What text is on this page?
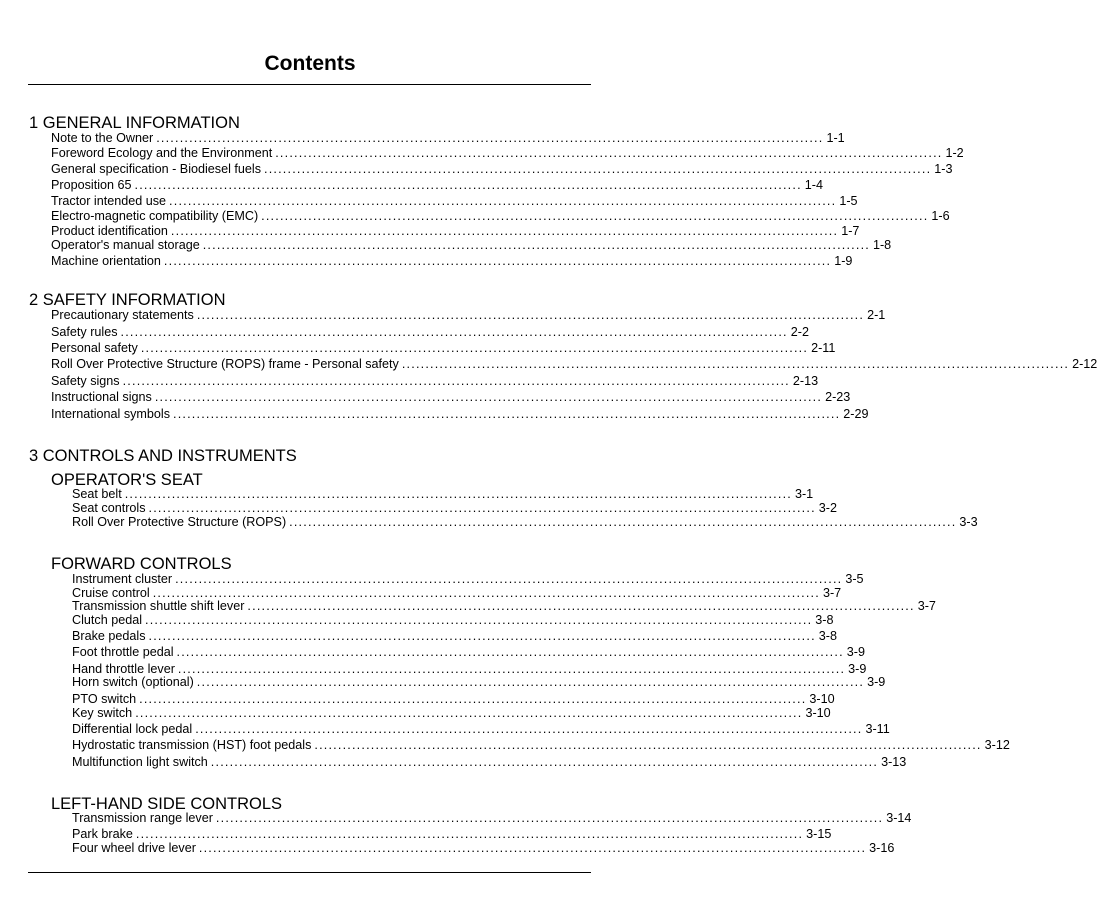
Contents
1 GENERAL INFORMATION
Note to the Owner .............................................................................................................................................. 1-1
Foreword Ecology and the Environment .............................................................................................................................................. 1-2
General specification - Biodiesel fuels .............................................................................................................................................. 1-3
Proposition 65 .............................................................................................................................................. 1-4
Tractor intended use .............................................................................................................................................. 1-5
Electro-magnetic compatibility (EMC) .............................................................................................................................................. 1-6
Product identification .............................................................................................................................................. 1-7
Operator's manual storage .............................................................................................................................................. 1-8
Machine orientation .............................................................................................................................................. 1-9
2 SAFETY INFORMATION
Precautionary statements .............................................................................................................................................. 2-1
Safety rules .............................................................................................................................................. 2-2
Personal safety .............................................................................................................................................. 2-11
Roll Over Protective Structure (ROPS) frame - Personal safety .............................................................................................................................................. 2-12
Safety signs .............................................................................................................................................. 2-13
Instructional signs .............................................................................................................................................. 2-23
International symbols .............................................................................................................................................. 2-29
3 CONTROLS AND INSTRUMENTS
OPERATOR'S SEAT
Seat belt .............................................................................................................................................. 3-1
Seat controls .............................................................................................................................................. 3-2
Roll Over Protective Structure (ROPS) .............................................................................................................................................. 3-3
FORWARD CONTROLS
Instrument cluster .............................................................................................................................................. 3-5
Cruise control .............................................................................................................................................. 3-7
Transmission shuttle shift lever .............................................................................................................................................. 3-7
Clutch pedal .............................................................................................................................................. 3-8
Brake pedals .............................................................................................................................................. 3-8
Foot throttle pedal .............................................................................................................................................. 3-9
Hand throttle lever .............................................................................................................................................. 3-9
Horn switch (optional) .............................................................................................................................................. 3-9
PTO switch .............................................................................................................................................. 3-10
Key switch .............................................................................................................................................. 3-10
Differential lock pedal .............................................................................................................................................. 3-11
Hydrostatic transmission (HST) foot pedals .............................................................................................................................................. 3-12
Multifunction light switch .............................................................................................................................................. 3-13
LEFT-HAND SIDE CONTROLS
Transmission range lever .............................................................................................................................................. 3-14
Park brake .............................................................................................................................................. 3-15
Four wheel drive lever .............................................................................................................................................. 3-16
